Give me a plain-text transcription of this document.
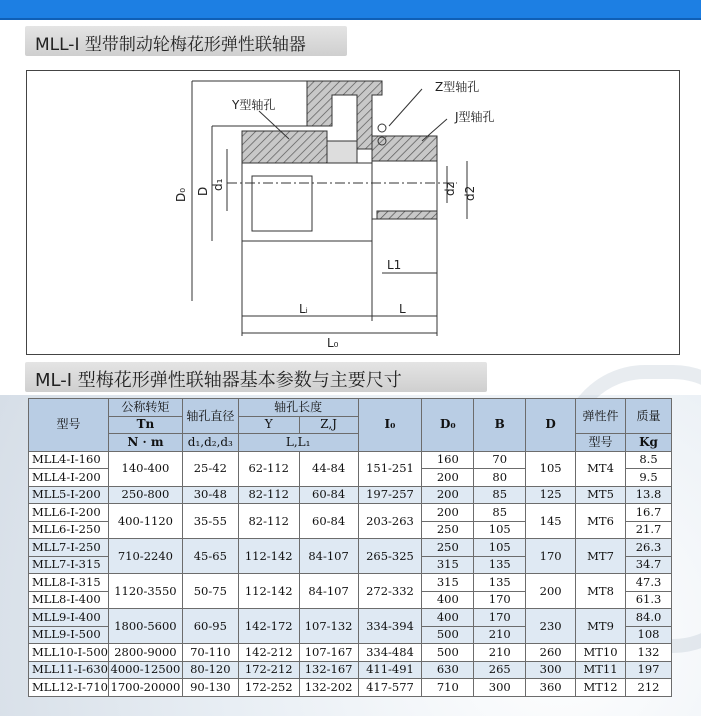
MLL-I 型带制动轮梅花形弹性联轴器
Y型轴孔
Z型轴孔
J型轴孔
D₀ D
d₁	dz d2
L1
Lᵢ	L
L₀
ML-I 型梅花形弹性联轴器基本参数与主要尺寸
型号	公称转矩	轴孔直径	轴孔长度		I₀	D₀	B	D	弹性件	质量
	Tn		Y	Z,J						
	N · m	d₁,d₂,d₃	L,L₁						型号	Kg
MLL4-I-160	140-400	25-42	62-112	44-84	151-251	160	70	105	MT4	8.5
MLL4-I-200						200	80			9.5
MLL5-I-200	250-800	30-48	82-112	60-84	197-257	200	85	125	MT5	13.8
MLL6-I-200	400-1120	35-55	82-112	60-84	203-263	200	85	145	MT6	16.7
MLL6-I-250						250	105			21.7
MLL7-I-250	710-2240	45-65	112-142	84-107	265-325	250	105	170	MT7	26.3
MLL7-I-315						315	135			34.7
MLL8-I-315	1120-3550	50-75	112-142	84-107	272-332	315	135	200	MT8	47.3
MLL8-I-400						400	170			61.3
MLL9-I-400	1800-5600	60-95	142-172	107-132	334-394	400	170	230	MT9	84.0
MLL9-I-500						500	210			108
MLL10-I-500	2800-9000	70-110	142-212	107-167	334-484	500	210	260	MT10	132
MLL11-I-630	4000-12500	80-120	172-212	132-167	411-491	630	265	300	MT11	197
MLL12-I-710	1700-20000	90-130	172-252	132-202	417-577	710	300	360	MT12	212
